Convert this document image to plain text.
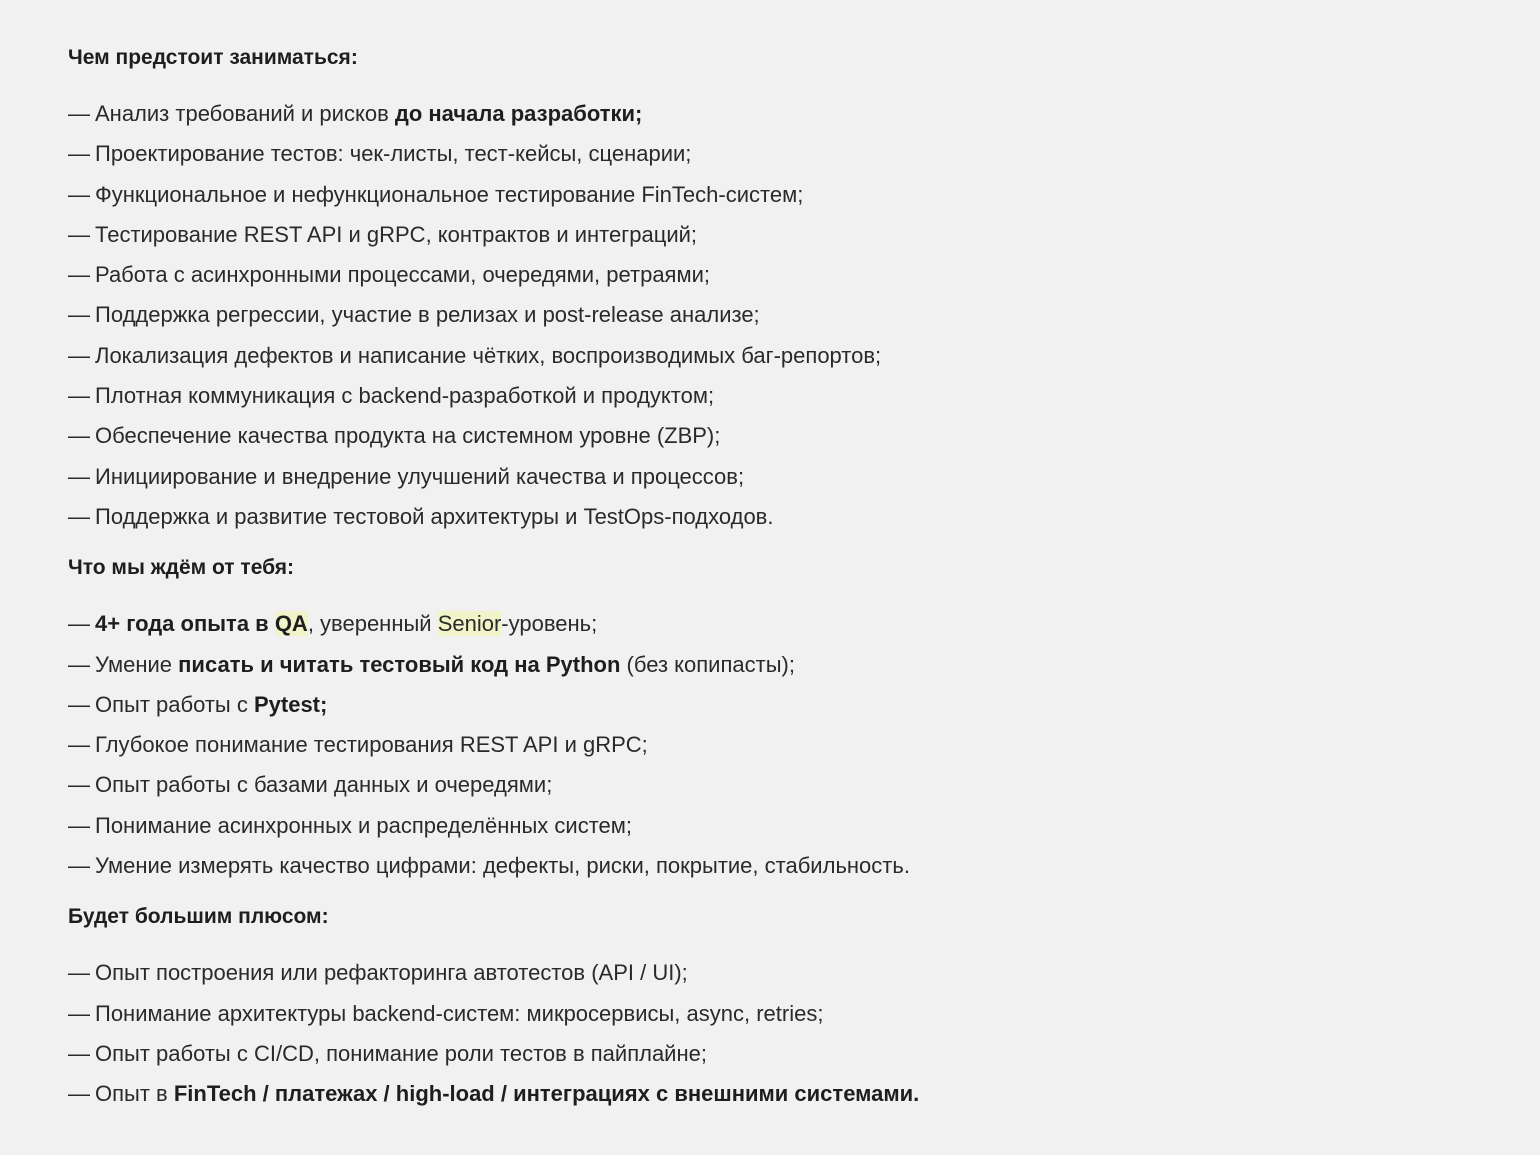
Чем предстоит заниматься:
— Анализ требований и рисков до начала разработки;
— Проектирование тестов: чек-листы, тест-кейсы, сценарии;
— Функциональное и нефункциональное тестирование FinTech-систем;
— Тестирование REST API и gRPC, контрактов и интеграций;
— Работа с асинхронными процессами, очередями, ретраями;
— Поддержка регрессии, участие в релизах и post-release анализе;
— Локализация дефектов и написание чётких, воспроизводимых баг-репортов;
— Плотная коммуникация с backend-разработкой и продуктом;
— Обеспечение качества продукта на системном уровне (ZBP);
— Инициирование и внедрение улучшений качества и процессов;
— Поддержка и развитие тестовой архитектуры и TestOps-подходов.
Что мы ждём от тебя:
— 4+ года опыта в QA, уверенный Senior-уровень;
— Умение писать и читать тестовый код на Python (без копипасты);
— Опыт работы с Pytest;
— Глубокое понимание тестирования REST API и gRPC;
— Опыт работы с базами данных и очередями;
— Понимание асинхронных и распределённых систем;
— Умение измерять качество цифрами: дефекты, риски, покрытие, стабильность.
Будет большим плюсом:
— Опыт построения или рефакторинга автотестов (API / UI);
— Понимание архитектуры backend-систем: микросервисы, async, retries;
— Опыт работы с CI/CD, понимание роли тестов в пайплайне;
— Опыт в FinTech / платежах / high-load / интеграциях с внешними системами.
